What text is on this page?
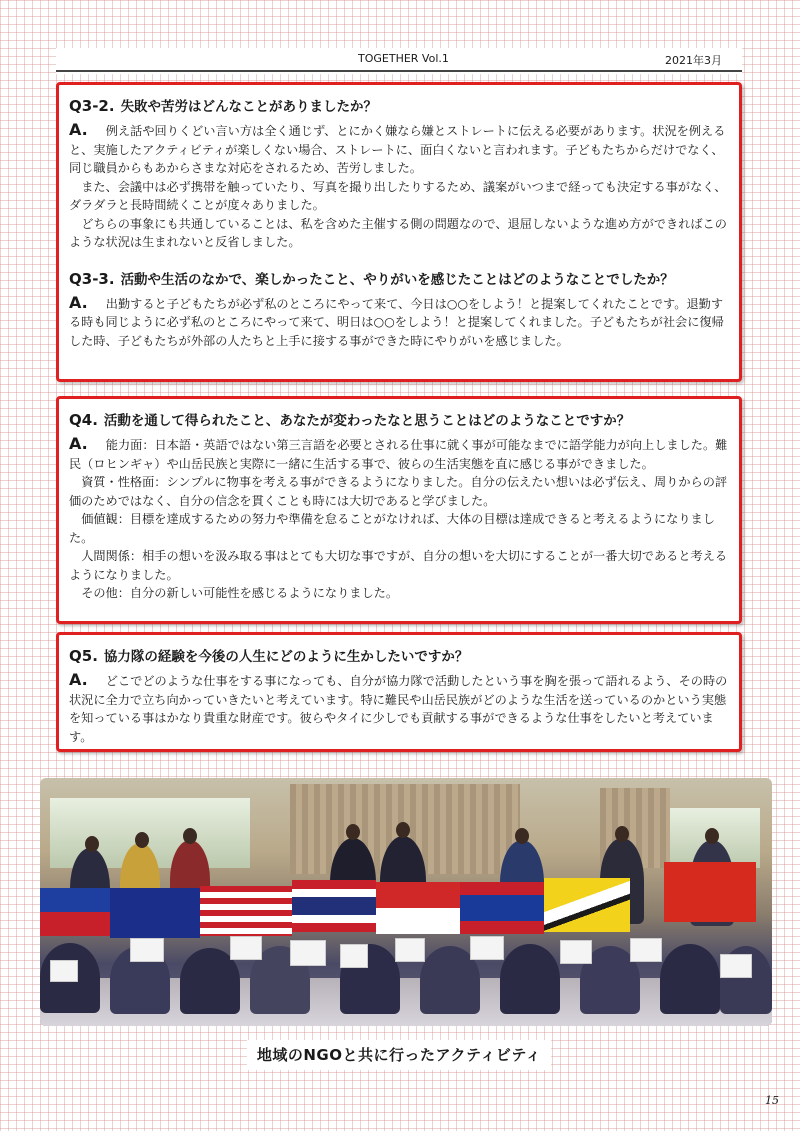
TOGETHER Vol.1	2021年3月
Q3-2. 失敗や苦労はどんなことがありましたか？

A. 例え話や回りくどい言い方は全く通じず、とにかく嫌なら嫌とストレートに伝える必要があります。状況を例えると、実施したアクティビティが楽しくない場合、ストレートに、面白くないと言われます。子どもたちからだけでなく、同じ職員からもあからさまな対応をされるため、苦労しました。

また、会議中は必ず携帯を触っていたり、写真を撮り出したりするため、議案がいつまで経っても決定する事がなく、ダラダラと長時間続くことが度々ありました。

どちらの事象にも共通していることは、私を含めた主催する側の問題なので、退屈しないような進め方ができればこのような状況は生まれないと反省しました。

Q3-3. 活動や生活のなかで、楽しかったこと、やりがいを感じたことはどのようなことでしたか？

A. 出勤すると子どもたちが必ず私のところにやって来て、今日は○○をしよう！と提案してくれたことです。退勤する時も同じように必ず私のところにやって来て、明日は○○をしよう！と提案してくれました。子どもたちが社会に復帰した時、子どもたちが外部の人たちと上手に接する事ができた時にやりがいを感じました。

Q4. 活動を通して得られたこと、あなたが変わったなと思うことはどのようなことですか？

A. 能力面：日本語・英語ではない第三言語を必要とされる仕事に就く事が可能なまでに語学能力が向上しました。難民（ロヒンギャ）や山岳民族と実際に一緒に生活する事で、彼らの生活実態を直に感じる事ができました。

資質・性格面：シンプルに物事を考える事ができるようになりました。自分の伝えたい想いは必ず伝え、周りからの評価のためではなく、自分の信念を貫くことも時には大切であると学びました。

価値観：目標を達成するための努力や準備を怠ることがなければ、大体の目標は達成できると考えるようになりました。

人間関係：相手の想いを汲み取る事はとても大切な事ですが、自分の想いを大切にすることが一番大切であると考えるようになりました。

その他：自分の新しい可能性を感じるようになりました。

Q5. 協力隊の経験を今後の人生にどのように生かしたいですか？

A. どこでどのような仕事をする事になっても、自分が協力隊で活動したという事を胸を張って語れるよう、その時の状況に全力で立ち向かっていきたいと考えています。特に難民や山岳民族がどのような生活を送っているのかという実態を知っている事はかなり貴重な財産です。彼らやタイに少しでも貢献する事ができるような仕事をしたいと考えています。

地域のNGOと共に行ったアクティビティ
15
